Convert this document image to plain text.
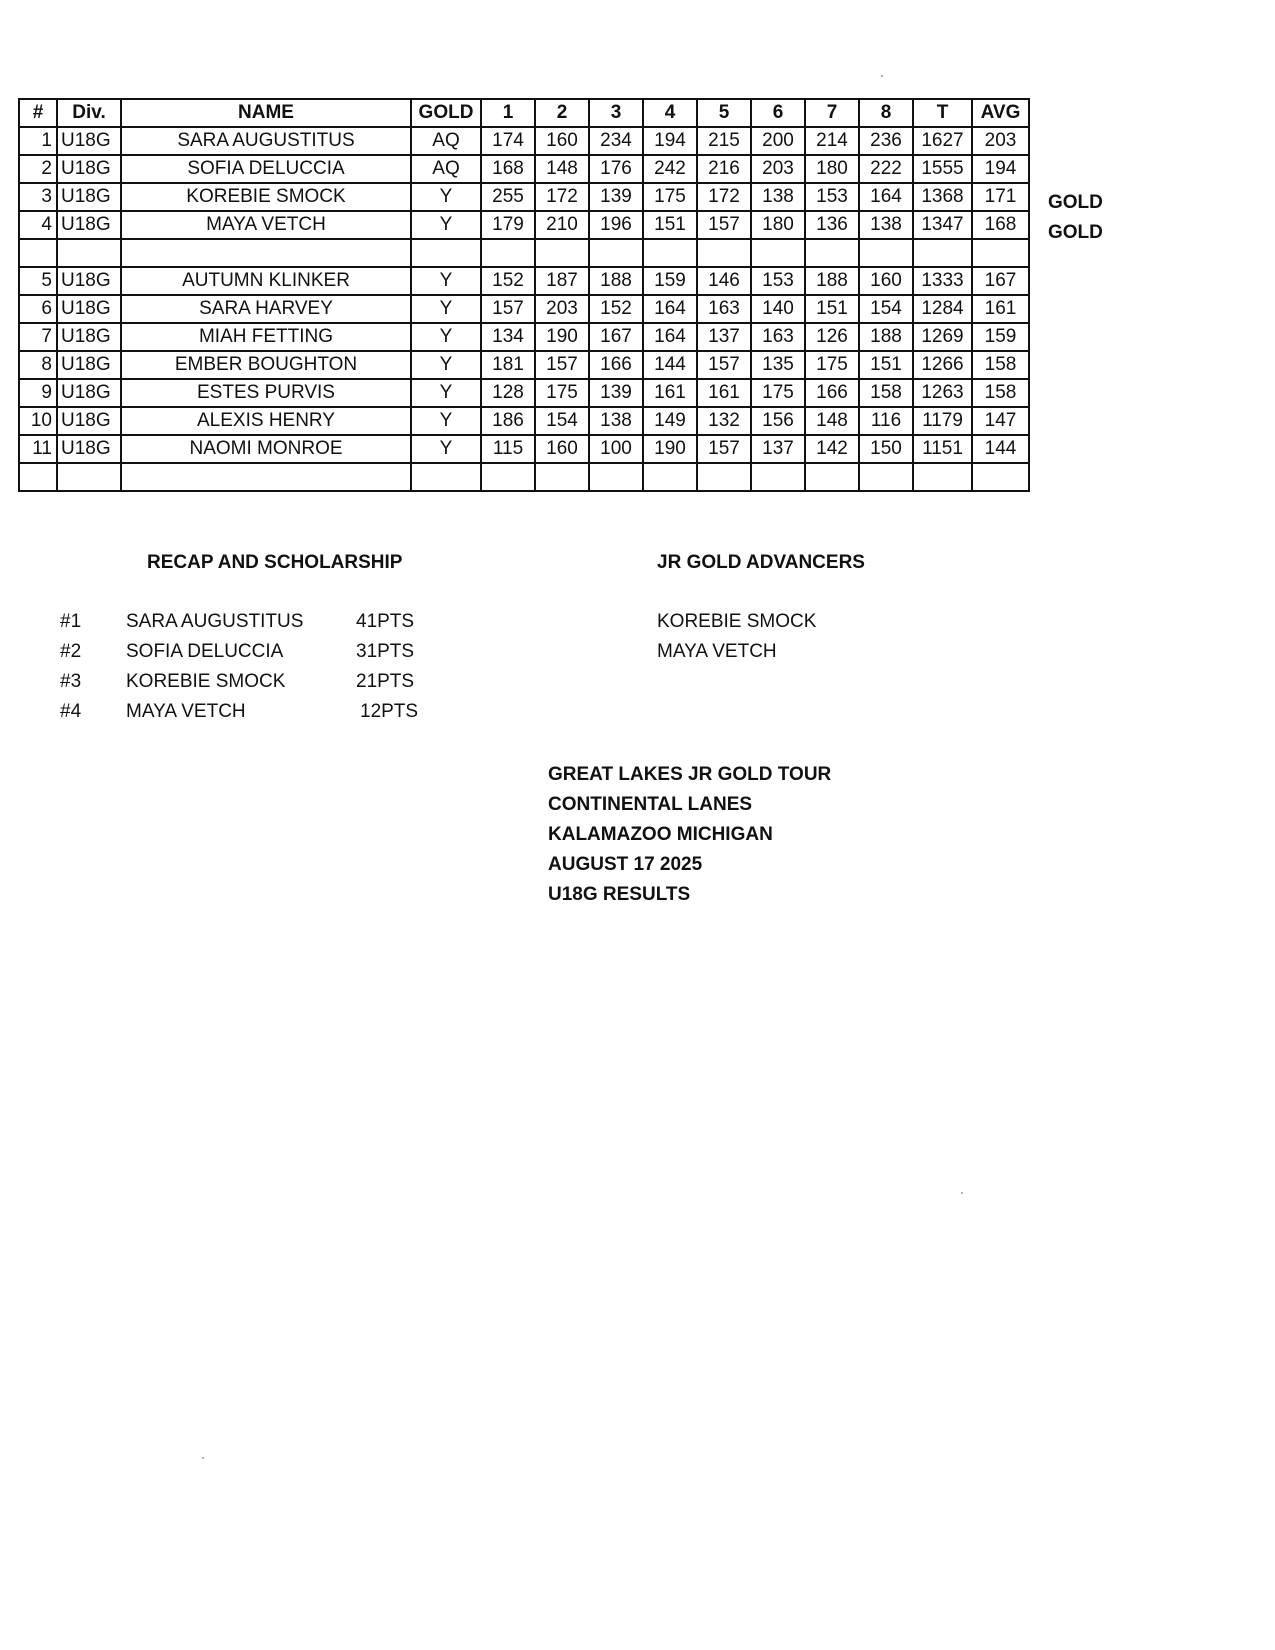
#	Div.	NAME	GOLD	1	2	3	4	5	6	7	8	T	AVG
1	U18G	SARA AUGUSTITUS	AQ	174	160	234	194	215	200	214	236	1627	203
2	U18G	SOFIA DELUCCIA	AQ	168	148	176	242	216	203	180	222	1555	194
3	U18G	KOREBIE SMOCK	Y	255	172	139	175	172	138	153	164	1368	171
4	U18G	MAYA VETCH	Y	179	210	196	151	157	180	136	138	1347	168

5	U18G	AUTUMN KLINKER	Y	152	187	188	159	146	153	188	160	1333	167
6	U18G	SARA HARVEY	Y	157	203	152	164	163	140	151	154	1284	161
7	U18G	MIAH FETTING	Y	134	190	167	164	137	163	126	188	1269	159
8	U18G	EMBER BOUGHTON	Y	181	157	166	144	157	135	175	151	1266	158
9	U18G	ESTES PURVIS	Y	128	175	139	161	161	175	166	158	1263	158
10	U18G	ALEXIS HENRY	Y	186	154	138	149	132	156	148	116	1179	147
11	U18G	NAOMI MONROE	Y	115	160	100	190	157	137	142	150	1151	144

GOLD
GOLD
RECAP AND SCHOLARSHIP
#1 SARA AUGUSTITUS	41PTS
#2 SOFIA DELUCCIA	31PTS
#3 KOREBIE SMOCK	21PTS
#4 MAYA VETCH	12PTS
JR GOLD ADVANCERS
KOREBIE SMOCK
MAYA VETCH
GREAT LAKES JR GOLD TOUR
CONTINENTAL LANES
KALAMAZOO MICHIGAN
AUGUST 17 2025
U18G RESULTS
